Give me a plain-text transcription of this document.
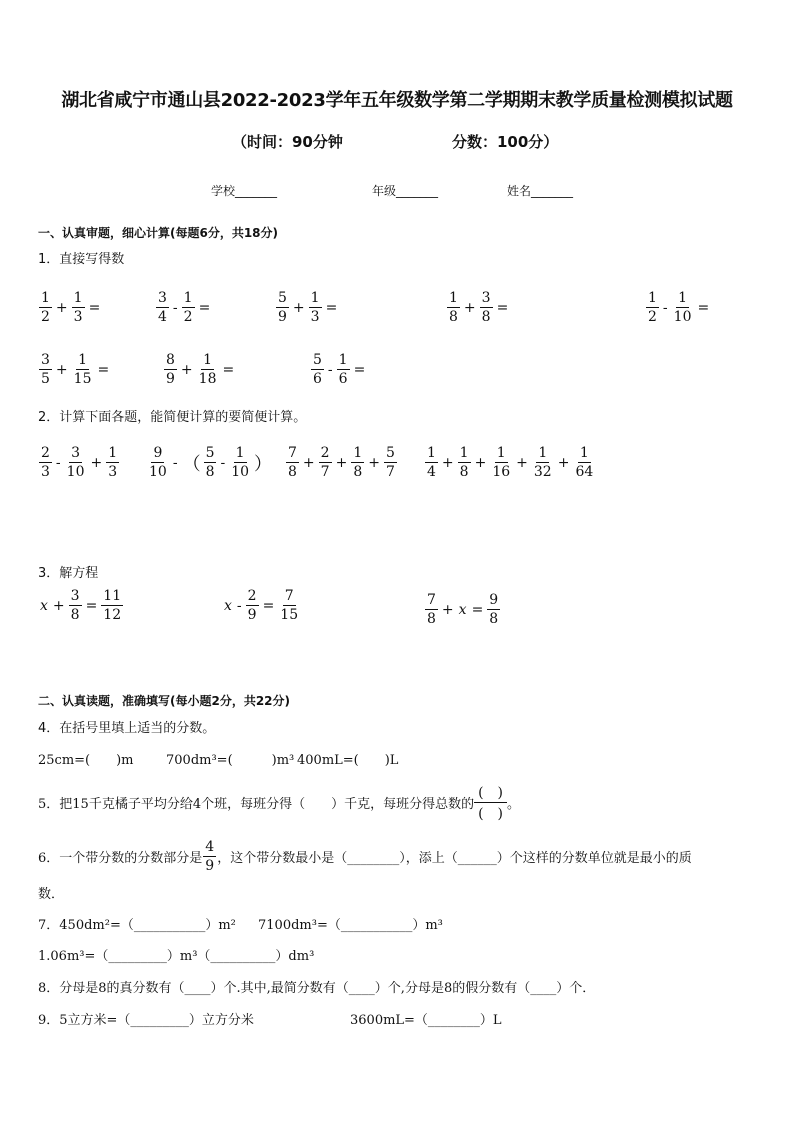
湖北省咸宁市通山县2022-2023学年五年级数学第二学期期末教学质量检测模拟试题
（时间：90分钟	分数：100分）
学校_______	年级_______	姓名_______
一、认真审题，细心计算(每题6分，共18分)
1．直接写得数
$\frac{1}{2} + \frac{1}{3}$ =	$\frac{3}{4} - \frac{1}{2}$ =	$\frac{5}{9} + \frac{1}{3}$ =	$\frac{1}{8} + \frac{3}{8}$ =	$\frac{1}{2} - \frac{1}{10}$ =
$\frac{3}{5} + \frac{1}{15}$ =	$\frac{8}{9} + \frac{1}{18}$ =	$\frac{5}{6} - \frac{1}{6}$ =
2．计算下面各题，能简便计算的要简便计算。
$\frac{2}{3} - \frac{3}{10} + \frac{1}{3} \frac{9}{10}$ - （ $\frac{5}{8} - \frac{1}{10}$ ） $\frac{7}{8} + \frac{2}{7} + \frac{1}{8} + \frac{5}{7} \frac{1}{4} + \frac{1}{8} + \frac{1}{16} + \frac{1}{32} + \frac{1}{64}$
3．解方程
$x + \frac{3}{8} = \frac{11}{12}$	$x - \frac{2}{9} = \frac{7}{15}$	$\frac{7}{8} + x = \frac{9}{8}$
二、认真读题，准确填写(每小题2分，共22分)
4．在括号里填上适当的分数。
25cm=(　　)m 700dm³=(　　　)m³ 400mL=(　　)L
5．把15千克橘子平均分给4个班，每班分得（　　）千克，每班分得总数的
(　)
(　)
。
6．一个带分数的分数部分是 $\frac{4}{9}$ ，这个带分数最小是（________），添上（______）个这样的分数单位就是最小的质
数．
7．450dm²=（___________）m² 7100dm³=（___________）m³
1.06m³=（_________）m³（__________）dm³
8．分母是8的真分数有（____）个.其中,最简分数有（____）个,分母是8的假分数有（____）个．
9．5立方米=（_________）立方分米	3600mL=（________）L
